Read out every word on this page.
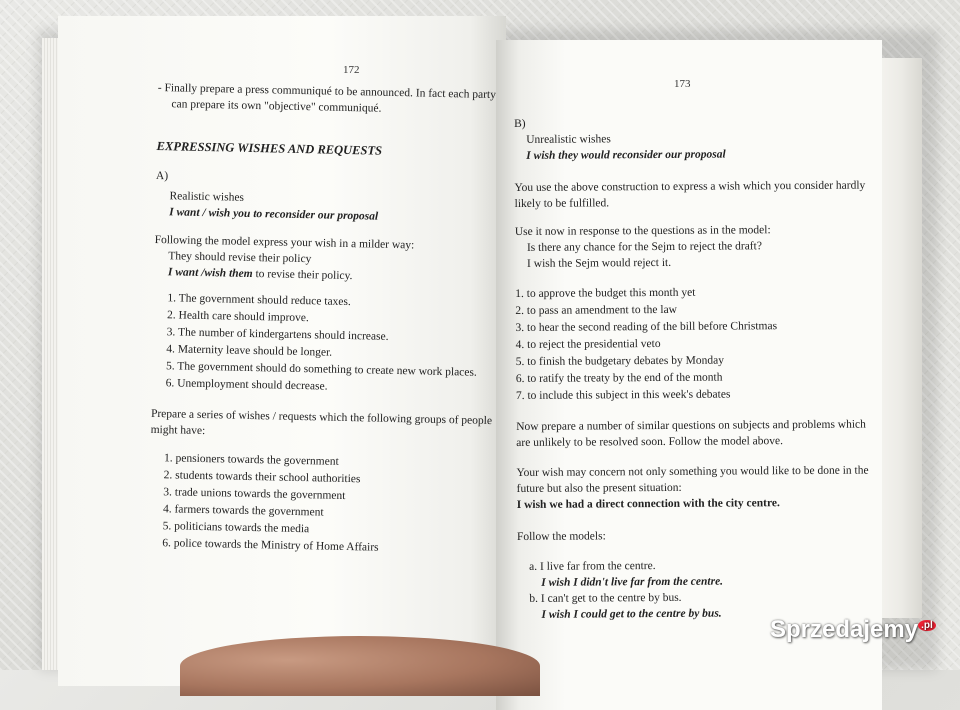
172

- Finally prepare a press communiqué to be announced. In fact each party

can prepare its own "objective" communiqué.

EXPRESSING WISHES AND REQUESTS

A)

Realistic wishes

I want / wish you to reconsider our proposal

Following the model express your wish in a milder way:

They should revise their policy

I want /wish them to revise their policy.

1. The government should reduce taxes.
2. Health care should improve.
3. The number of kindergartens should increase.
4. Maternity leave should be longer.
5. The government should do something to create new work places.
6. Unemployment should decrease.

Prepare a series of wishes / requests which the following groups of people

might have:

1. pensioners towards the government
2. students towards their school authorities
3. trade unions towards the government
4. farmers towards the government
5. politicians towards the media
6. police towards the Ministry of Home Affairs
173

B)

Unrealistic wishes

I wish they would reconsider our proposal

You use the above construction to express a wish which you consider hardly

likely to be fulfilled.

Use it now in response to the questions as in the model:

Is there any chance for the Sejm to reject the draft?

I wish the Sejm would reject it.

1. to approve the budget this month yet
2. to pass an amendment to the law
3. to hear the second reading of the bill before Christmas
4. to reject the presidential veto
5. to finish the budgetary debates by Monday
6. to ratify the treaty by the end of the month
7. to include this subject in this week's debates

Now prepare a number of similar questions on subjects and problems which

are unlikely to be resolved soon. Follow the model above.

Your wish may concern not only something you would like to be done in the

future but also the present situation:

I wish we had a direct connection with the city centre.

Follow the models:

a. I live far from the centre.

I wish I didn't live far from the centre.

b. I can't get to the centre by bus.

I wish I could get to the centre by bus.

Sprzedajemy $^{.pl}$
